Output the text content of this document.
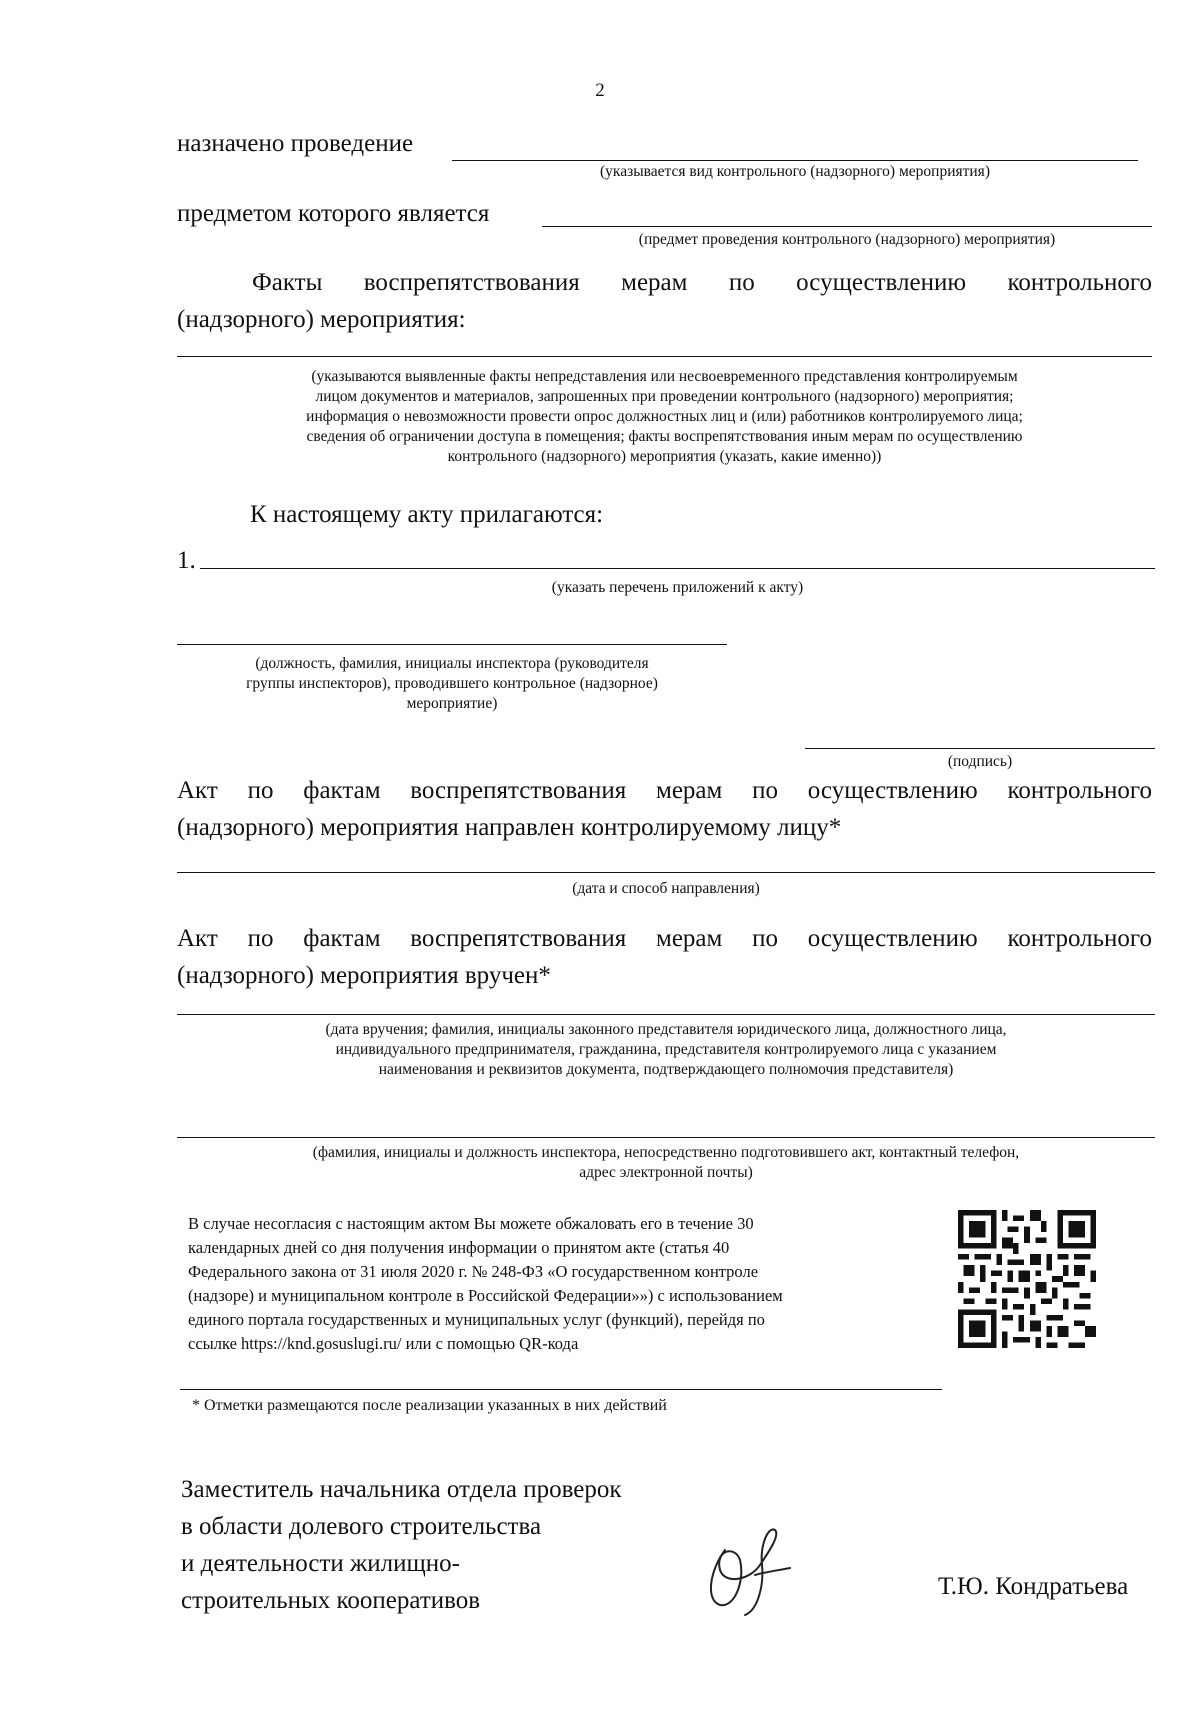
2
назначено проведение
(указывается вид контрольного (надзорного) мероприятия)
предметом которого является
(предмет проведения контрольного (надзорного) мероприятия)
Факты воспрепятствования мерам по осуществлению контрольного
(надзорного) мероприятия:
(указываются выявленные факты непредставления или несвоевременного представления контролируемым
лицом документов и материалов, запрошенных при проведении контрольного (надзорного) мероприятия;
информация о невозможности провести опрос должностных лиц и (или) работников контролируемого лица;
сведения об ограничении доступа в помещения; факты воспрепятствования иным мерам по осуществлению
контрольного (надзорного) мероприятия (указать, какие именно))
К настоящему акту прилагаются:
1.
(указать перечень приложений к акту)
(должность, фамилия, инициалы инспектора (руководителя
группы инспекторов), проводившего контрольное (надзорное)
мероприятие)
(подпись)
Акт по фактам воспрепятствования мерам по осуществлению контрольного
(надзорного) мероприятия направлен контролируемому лицу*
(дата и способ направления)
Акт по фактам воспрепятствования мерам по осуществлению контрольного
(надзорного) мероприятия вручен*
(дата вручения; фамилия, инициалы законного представителя юридического лица, должностного лица,
индивидуального предпринимателя, гражданина, представителя контролируемого лица с указанием
наименования и реквизитов документа, подтверждающего полномочия представителя)
(фамилия, инициалы и должность инспектора, непосредственно подготовившего акт, контактный телефон,
адрес электронной почты)
В случае несогласия с настоящим актом Вы можете обжаловать его в течение 30
календарных дней со дня получения информации о принятом акте (статья 40
Федерального закона от 31 июля 2020 г. № 248-ФЗ «О государственном контроле
(надзоре) и муниципальном контроле в Российской Федерации»») с использованием
единого портала государственных и муниципальных услуг (функций), перейдя по
ссылке https://knd.gosuslugi.ru/ или с помощью QR-кода
* Отметки размещаются после реализации указанных в них действий
Заместитель начальника отдела проверок
в области долевого строительства
и деятельности жилищно-
строительных кооперативов
Т.Ю. Кондратьева
